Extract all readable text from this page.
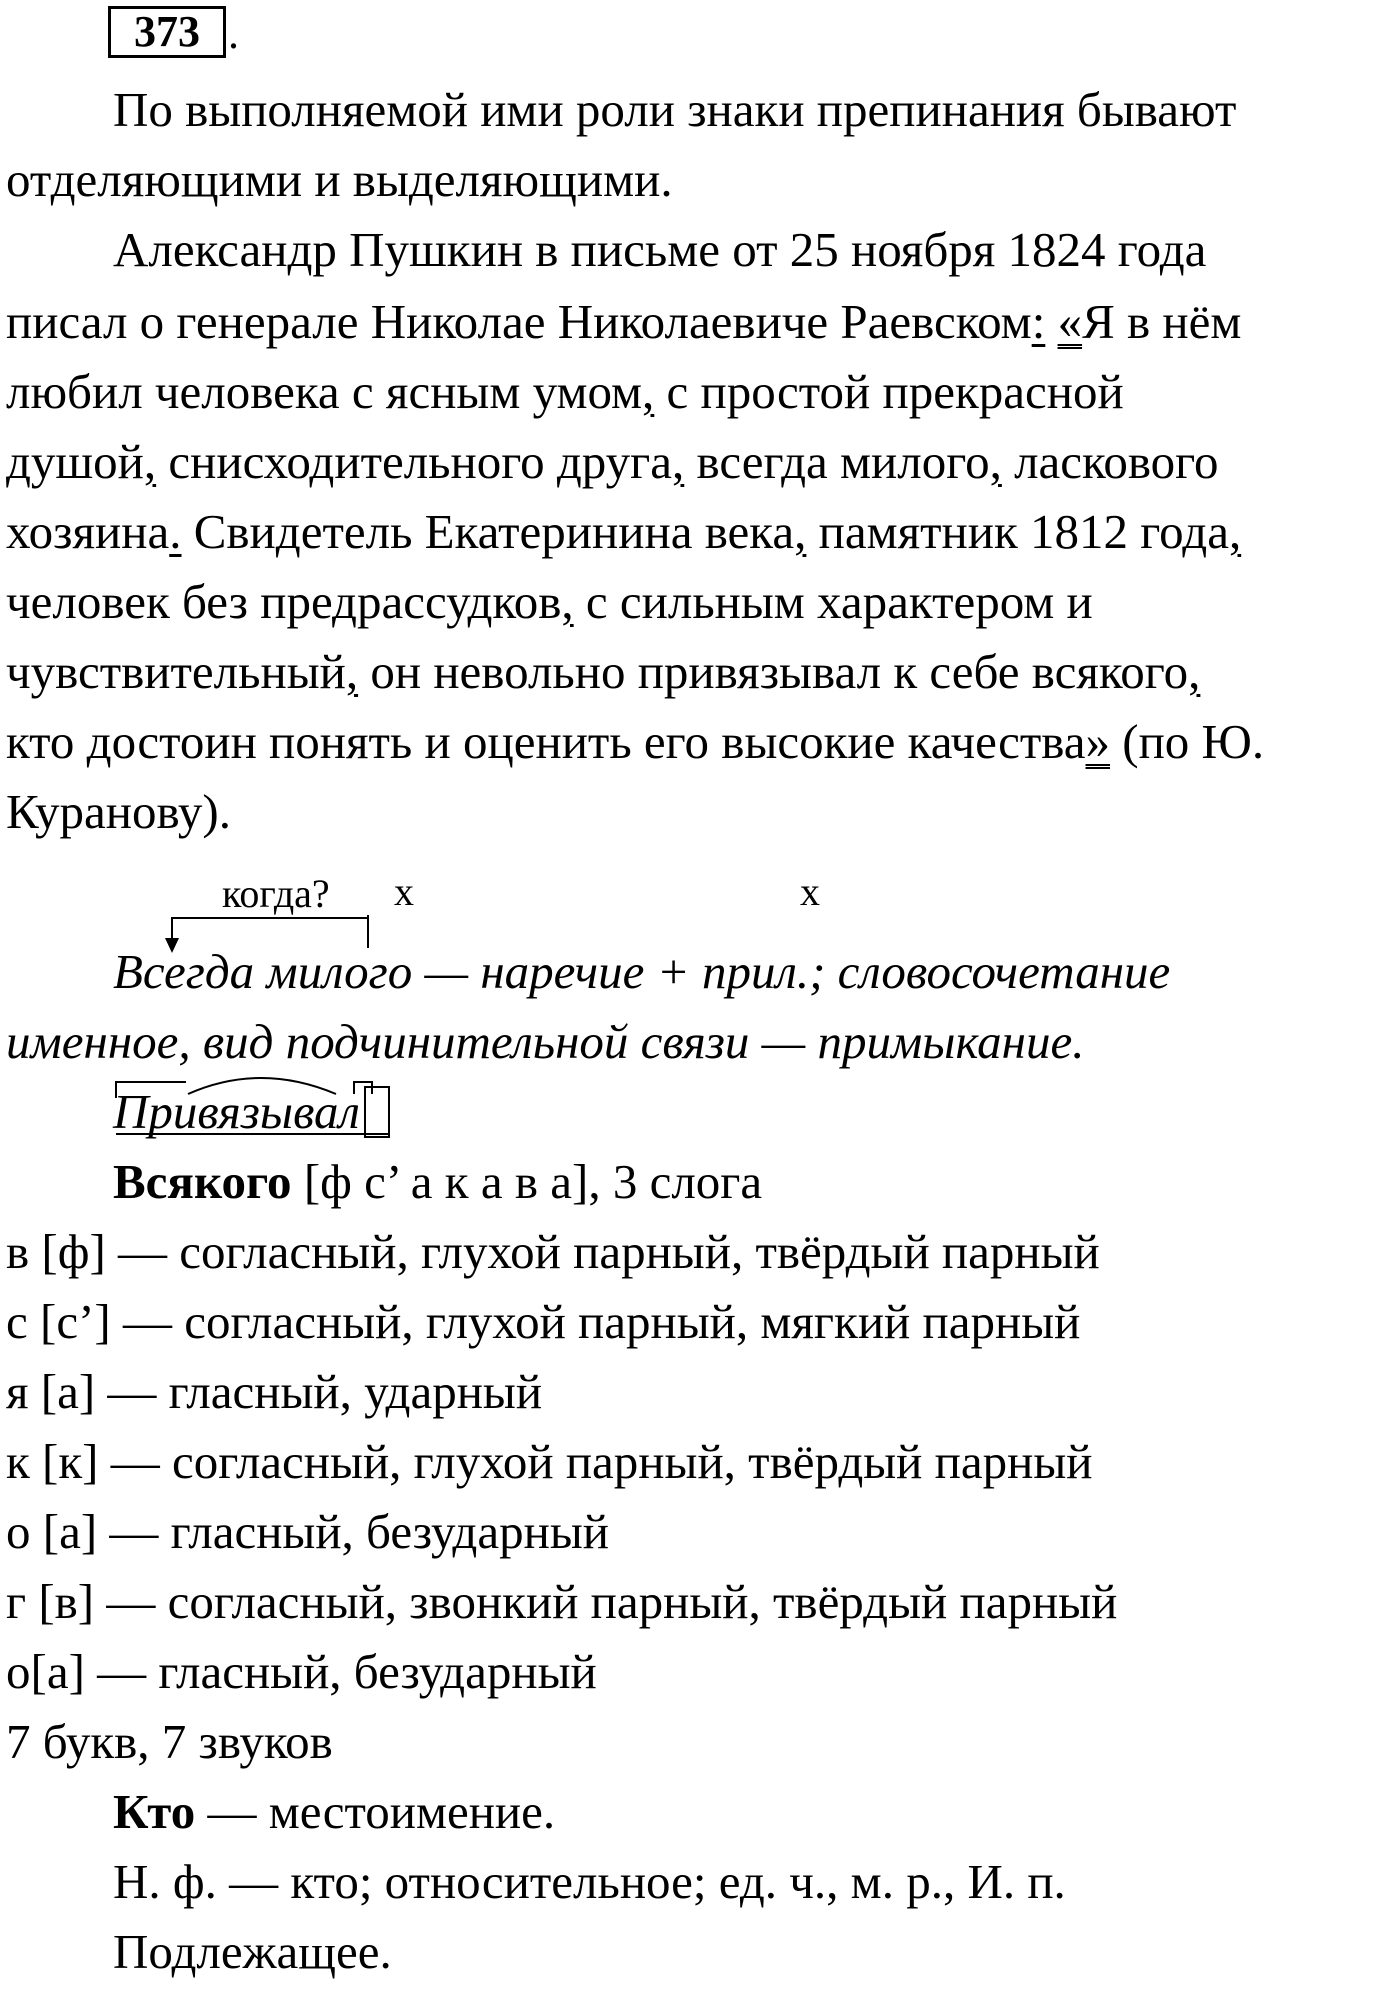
373 .
По выполняемой ими роли знаки препинания бывают
отделяющими и выделяющими.
Александр Пушкин в письме от 25 ноября 1824 года
писал о генерале Николае Николаевиче Раевском: «Я в нём
любил человека с ясным умом, с простой прекрасной
душой, снисходительного друга, всегда милого, ласкового
хозяина. Свидетель Екатеринина века, памятник 1812 года,
человек без предрассудков, с сильным характером и
чувствительный, он невольно привязывал к себе всякого,
кто достоин понять и оценить его высокие качества» (по Ю.
Куранову).
когда? х	х
Всегда милого — наречие + прил.; словосочетание
именное, вид подчинительной связи — примыкание.
Привязывал
Всякого [ф с’ а к а в а], 3 слога
в [ф] — согласный, глухой парный, твёрдый парный
с [с’] — согласный, глухой парный, мягкий парный
я [а] — гласный, ударный
к [к] — согласный, глухой парный, твёрдый парный
о [а] — гласный, безударный
г [в] — согласный, звонкий парный, твёрдый парный
о[а] — гласный, безударный
7 букв, 7 звуков
Кто — местоимение.
Н. ф. — кто; относительное; ед. ч., м. р., И. п.
Подлежащее.
